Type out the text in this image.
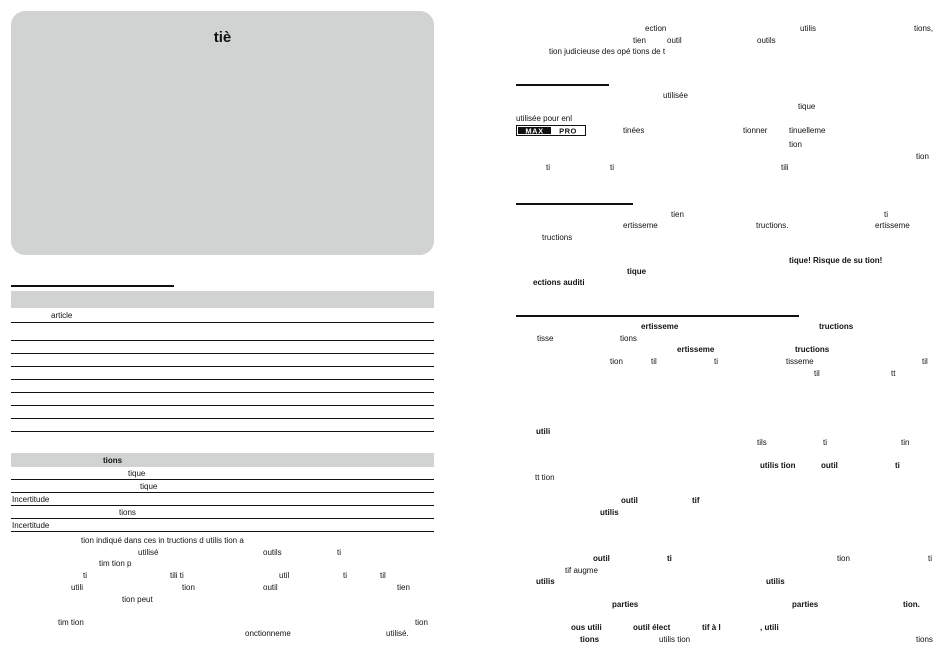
tiè
article
tions
tique
tique
Incertitude
tions
Incertitude
tion indiqué dans ces in tructions d utilis tion a
utilisé	outils	ti
tim tion p
ti	tili ti	util	ti	til
utili	tion	outil	tien
tion peut
tim tion	tion
onctionneme	utilisé.
ection	utilis	tions,
tien	outil	outils
tion judicieuse des opé tions de t
utilisée
tique
utilisée pour enl
MAX PRO	tinées	tionner	tinuelleme
tion
tion
ti	ti	tili
tien	ti
ertisseme	tructions.	ertisseme
tructions
tique! Risque de su tion!
tique
ections auditi
ertisseme	tructions
tisse	tions
ertisseme	tructions
tion	til	ti	tisseme	til
til	tt
utili
tils	ti	tin
utilis tion	outil	ti
tt tion
outil	tif
utilis
outil	ti	tion	ti
tif augme
utilis	utilis
parties	parties	tion.
ous utili	outil élect	tif à l	, utili
tions	utilis tion	tions
